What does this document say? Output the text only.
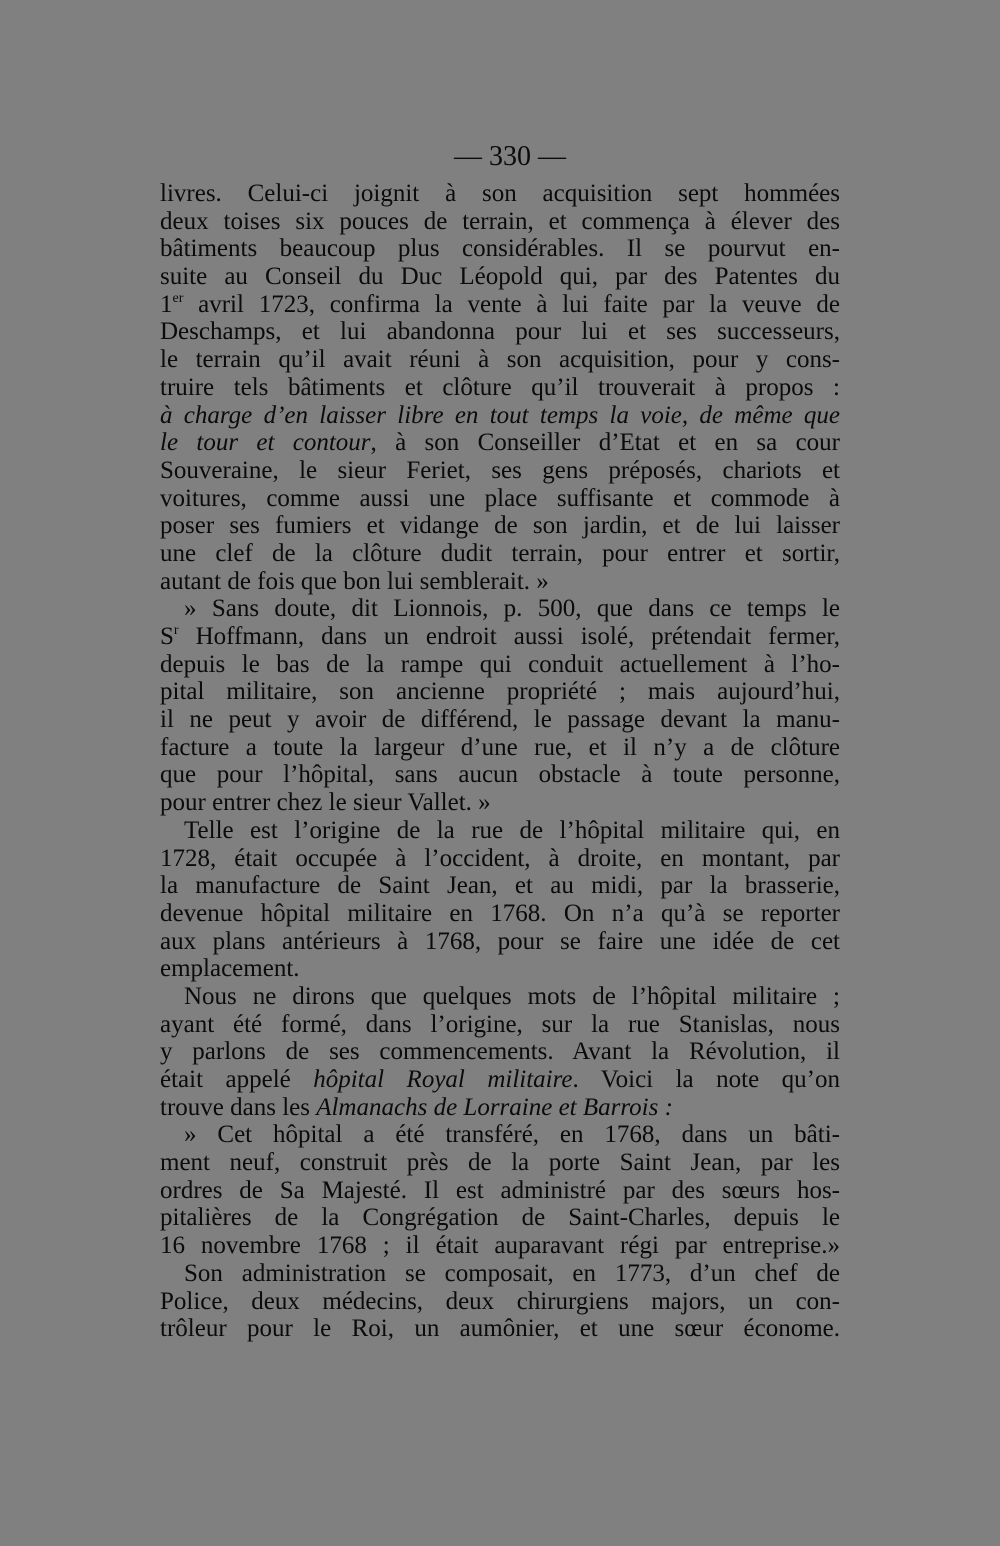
— 330 —
livres. Celui-ci joignit à son acquisition sept hommées
deux toises six pouces de terrain, et commença à élever des
bâtiments beaucoup plus considérables. Il se pourvut en-
suite au Conseil du Duc Léopold qui, par des Patentes du
1er avril 1723, confirma la vente à lui faite par la veuve de
Deschamps, et lui abandonna pour lui et ses successeurs,
le terrain qu’il avait réuni à son acquisition, pour y cons-
truire tels bâtiments et clôture qu’il trouverait à propos :
à charge d’en laisser libre en tout temps la voie, de même que
le tour et contour, à son Conseiller d’Etat et en sa cour
Souveraine, le sieur Feriet, ses gens préposés, chariots et
voitures, comme aussi une place suffisante et commode à
poser ses fumiers et vidange de son jardin, et de lui laisser
une clef de la clôture dudit terrain, pour entrer et sortir,
autant de fois que bon lui semblerait. »
» Sans doute, dit Lionnois, p. 500, que dans ce temps le
$S^r$ Hoffmann, dans un endroit aussi isolé, prétendait fermer,
depuis le bas de la rampe qui conduit actuellement à l’ho-
pital militaire, son ancienne propriété ; mais aujourd’hui,
il ne peut y avoir de différend, le passage devant la manu-
facture a toute la largeur d’une rue, et il n’y a de clôture
que pour l’hôpital, sans aucun obstacle à toute personne,
pour entrer chez le sieur Vallet. »
Telle est l’origine de la rue de l’hôpital militaire qui, en
1728, était occupée à l’occident, à droite, en montant, par
la manufacture de Saint Jean, et au midi, par la brasserie,
devenue hôpital militaire en 1768. On n’a qu’à se reporter
aux plans antérieurs à 1768, pour se faire une idée de cet
emplacement.
Nous ne dirons que quelques mots de l’hôpital militaire ;
ayant été formé, dans l’origine, sur la rue Stanislas, nous
y parlons de ses commencements. Avant la Révolution, il
était appelé hôpital Royal militaire. Voici la note qu’on
trouve dans les Almanachs de Lorraine et Barrois :
» Cet hôpital a été transféré, en 1768, dans un bâti-
ment neuf, construit près de la porte Saint Jean, par les
ordres de Sa Majesté. Il est administré par des sœurs hos-
pitalières de la Congrégation de Saint-Charles, depuis le
16 novembre 1768 ; il était auparavant régi par entreprise.»
Son administration se composait, en 1773, d’un chef de
Police, deux médecins, deux chirurgiens majors, un con-
trôleur pour le Roi, un aumônier, et une sœur économe.
